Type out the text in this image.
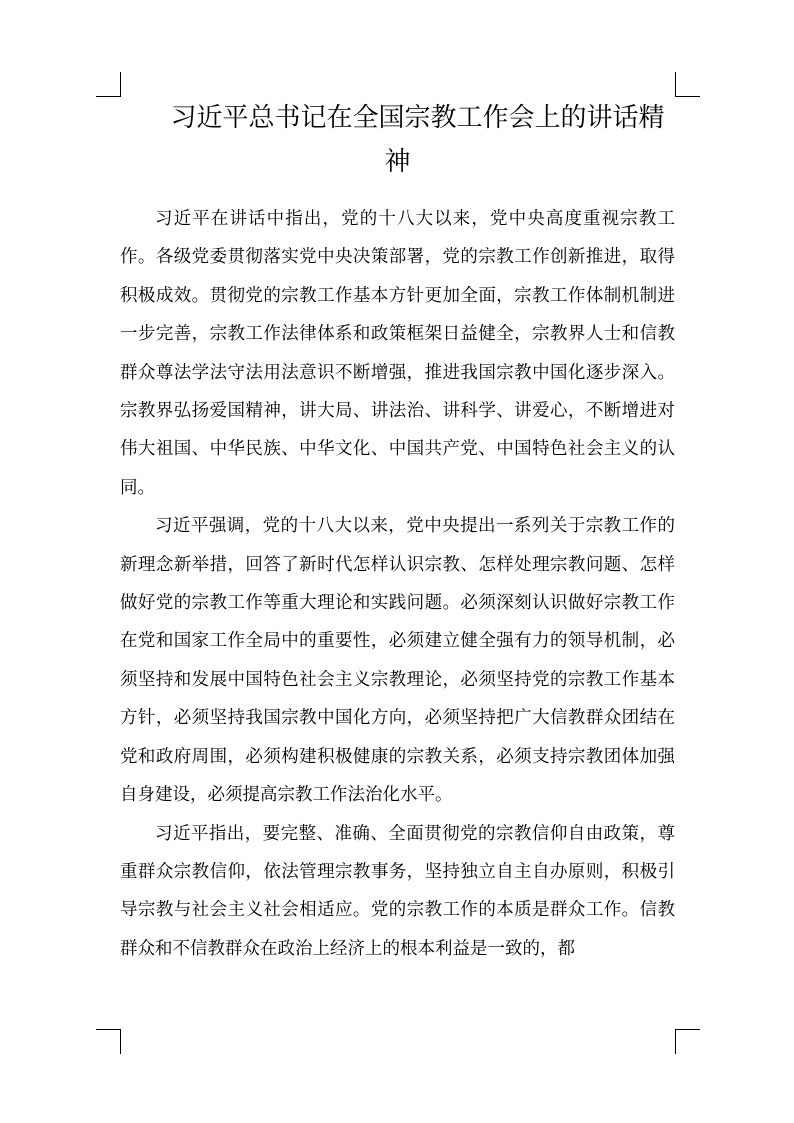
习近平总书记在全国宗教工作会上的讲话精神

习近平在讲话中指出，党的十八大以来，党中央高度重视宗教工作。各级党委贯彻落实党中央决策部署，党的宗教工作创新推进，取得积极成效。贯彻党的宗教工作基本方针更加全面，宗教工作体制机制进一步完善，宗教工作法律体系和政策框架日益健全，宗教界人士和信教群众尊法学法守法用法意识不断增强，推进我国宗教中国化逐步深入。宗教界弘扬爱国精神，讲大局、讲法治、讲科学、讲爱心，不断增进对伟大祖国、中华民族、中华文化、中国共产党、中国特色社会主义的认同。

习近平强调，党的十八大以来，党中央提出一系列关于宗教工作的新理念新举措，回答了新时代怎样认识宗教、怎样处理宗教问题、怎样做好党的宗教工作等重大理论和实践问题。必须深刻认识做好宗教工作在党和国家工作全局中的重要性，必须建立健全强有力的领导机制，必须坚持和发展中国特色社会主义宗教理论，必须坚持党的宗教工作基本方针，必须坚持我国宗教中国化方向，必须坚持把广大信教群众团结在党和政府周围，必须构建积极健康的宗教关系，必须支持宗教团体加强自身建设，必须提高宗教工作法治化水平。

习近平指出，要完整、准确、全面贯彻党的宗教信仰自由政策，尊重群众宗教信仰，依法管理宗教事务，坚持独立自主自办原则，积极引导宗教与社会主义社会相适应。党的宗教工作的本质是群众工作。信教群众和不信教群众在政治上经济上的根本利益是一致的，都
